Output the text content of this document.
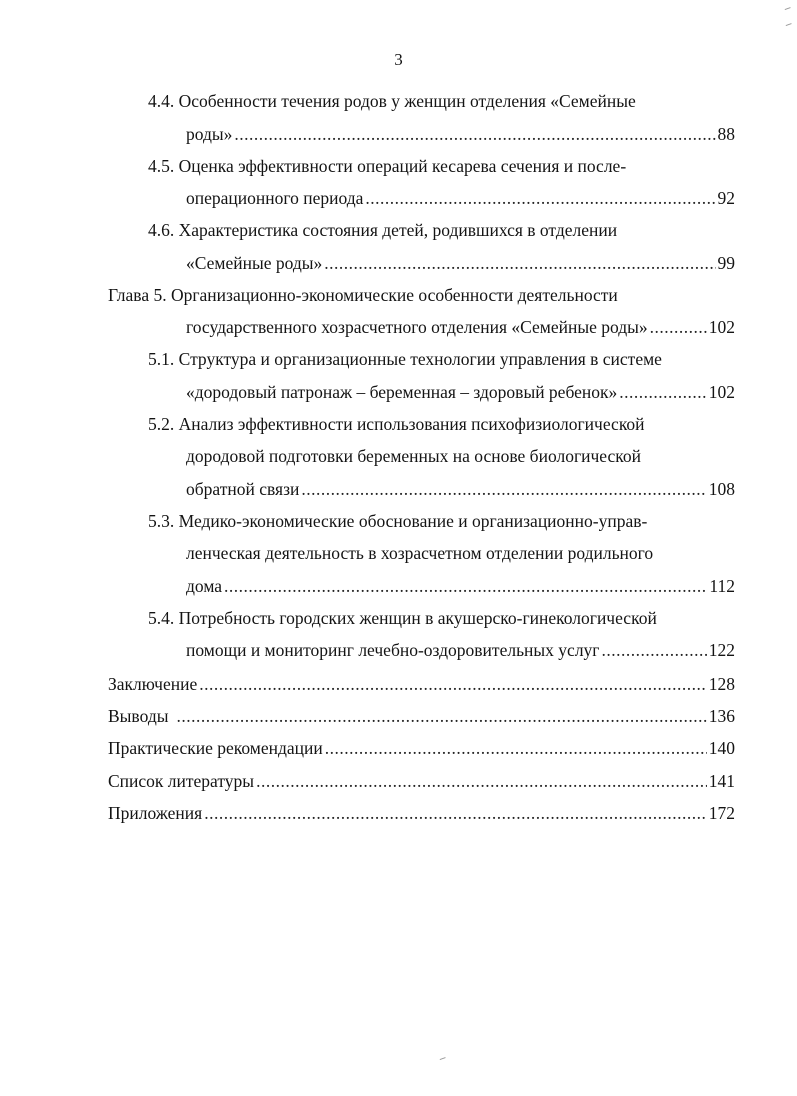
3
4.4. Особенности течения родов у женщин отделения «Семейные
роды» .....	88
4.5. Оценка эффективности операций кесарева сечения и после-
операционного периода .....	92
4.6. Характеристика состояния детей, родившихся в отделении
«Семейные роды» .....	99
Глава 5. Организационно-экономические особенности деятельности
государственного хозрасчетного отделения «Семейные роды» .....	102
5.1. Структура и организационные технологии управления в системе
«дородовый патронаж – беременная – здоровый ребенок» .....	102
5.2. Анализ эффективности использования психофизиологической
дородовой подготовки беременных на основе биологической
обратной связи .....	108
5.3. Медико-экономические обоснование и организационно-управ-
ленческая деятельность в хозрасчетном отделении родильного
дома .....	112
5.4. Потребность городских женщин в акушерско-гинекологической
помощи и мониторинг лечебно-оздоровительных услуг .....	122
Заключение .....	128
Выводы .....	136
Практические рекомендации .....	140
Список литературы .....	141
Приложения .....	172
